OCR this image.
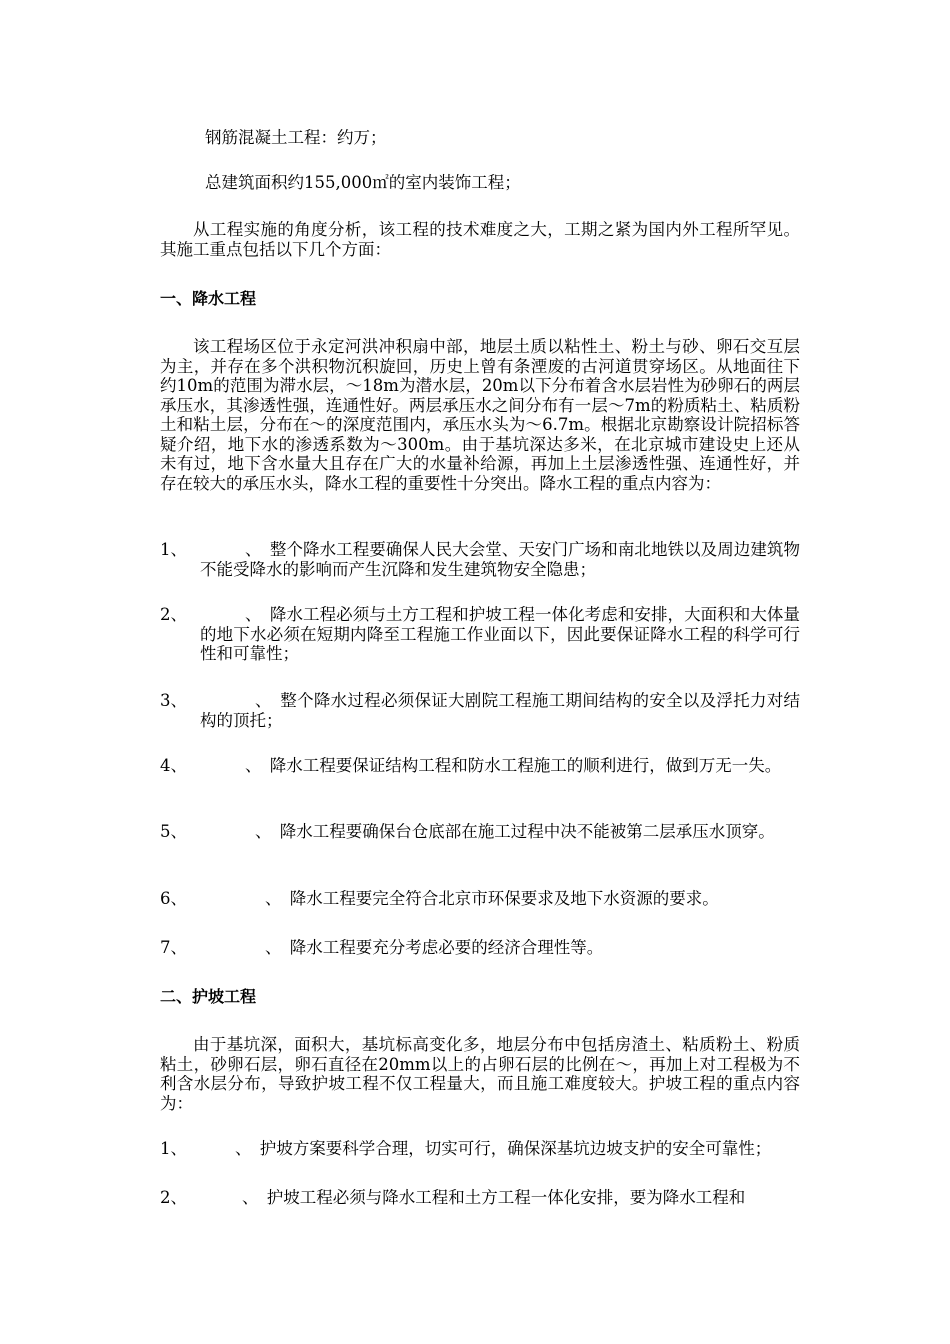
钢筋混凝土工程：约万；

总建筑面积约155,000㎡的室内装饰工程；

从工程实施的角度分析，该工程的技术难度之大，工期之紧为国内外工程所罕见。其施工重点包括以下几个方面：

一、降水工程

该工程场区位于永定河洪冲积扇中部，地层土质以粘性土、粉土与砂、卵石交互层为主，并存在多个洪积物沉积旋回，历史上曾有条湮废的古河道贯穿场区。从地面往下约10m的范围为滞水层，～18m为潜水层，20m以下分布着含水层岩性为砂卵石的两层承压水，其渗透性强，连通性好。两层承压水之间分布有一层～7m的粉质粘土、粘质粉土和粘土层，分布在～的深度范围内，承压水头为～6.7m。根据北京勘察设计院招标答疑介绍，地下水的渗透系数为～300m。由于基坑深达多米，在北京城市建设史上还从未有过，地下含水量大且存在广大的水量补给源，再加上土层渗透性强、连通性好，并存在较大的承压水头，降水工程的重要性十分突出。降水工程的重点内容为：

1、	、　整个降水工程要确保人民大会堂、天安门广场和南北地铁以及周边建筑物不能受降水的影响而产生沉降和发生建筑物安全隐患；
2、	、　降水工程必须与土方工程和护坡工程一体化考虑和安排，大面积和大体量的地下水必须在短期内降至工程施工作业面以下，因此要保证降水工程的科学可行性和可靠性；
3、	、　整个降水过程必须保证大剧院工程施工期间结构的安全以及浮托力对结构的顶托；
4、	、　降水工程要保证结构工程和防水工程施工的顺利进行，做到万无一失。
5、	、　降水工程要确保台仓底部在施工过程中决不能被第二层承压水顶穿。
6、	、　降水工程要完全符合北京市环保要求及地下水资源的要求。
7、	、　降水工程要充分考虑必要的经济合理性等。
二、护坡工程

由于基坑深，面积大，基坑标高变化多，地层分布中包括房渣土、粘质粉土、粉质粘土，砂卵石层，卵石直径在20mm以上的占卵石层的比例在～，再加上对工程极为不利含水层分布，导致护坡工程不仅工程量大，而且施工难度较大。护坡工程的重点内容为：

1、	、　护坡方案要科学合理，切实可行，确保深基坑边坡支护的安全可靠性；
2、	、　护坡工程必须与降水工程和土方工程一体化安排，要为降水工程和
